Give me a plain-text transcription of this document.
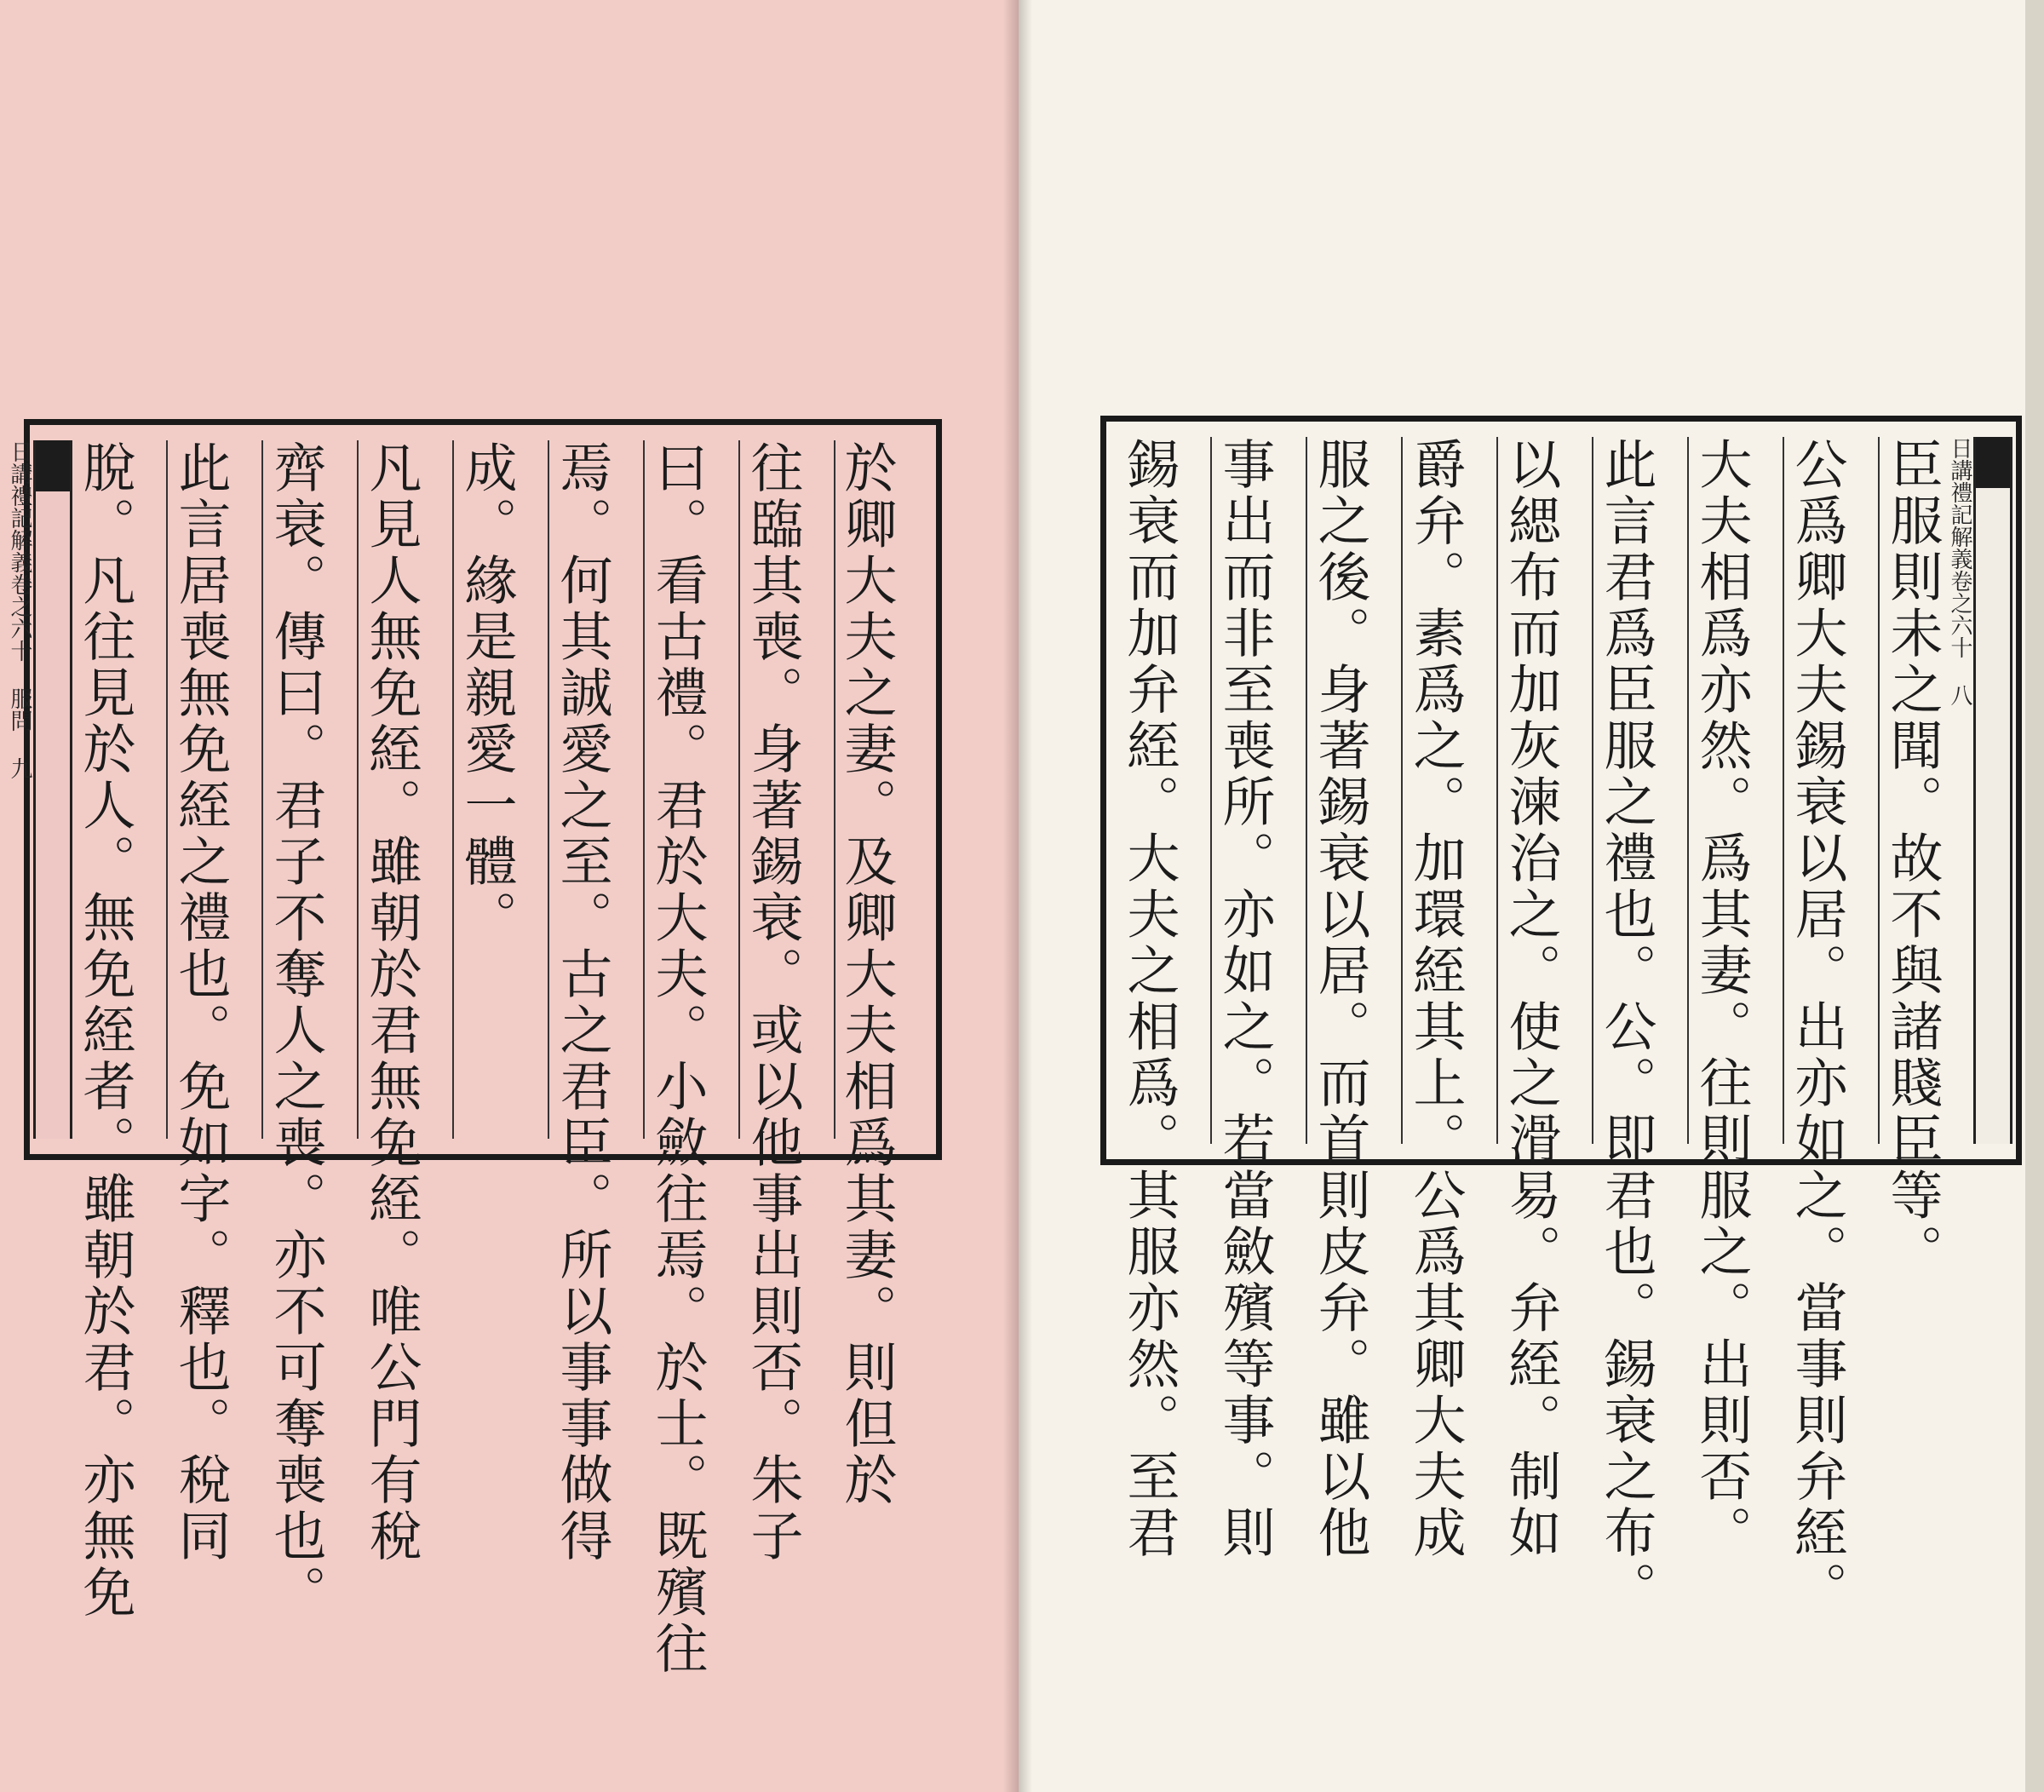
於卿大夫之妻。及卿大夫相爲其妻。則但於
往臨其喪。身著錫衰。或以他事出則否。朱子
曰。看古禮。君於大夫。小斂往焉。於士。既殯往
焉。何其誠愛之至。古之君臣。所以事事做得
成。緣是親愛一體。
凡見人無免絰。雖朝於君無免絰。唯公門有稅
齊衰。傳曰。君子不奪人之喪。亦不可奪喪也。
此言居喪無免絰之禮也。免如字。釋也。稅同
脫。凡往見於人。無免絰者。雖朝於君。亦無免
日講禮記解義卷之六十 服問 九
日講禮記解義卷之六十 八
臣服則未之聞。故不與諸賤臣等。
公爲卿大夫錫衰以居。出亦如之。當事則弁絰。
大夫相爲亦然。爲其妻。往則服之。出則否。
此言君爲臣服之禮也。公。即君也。錫衰之布。
以緦布而加灰湅治之。使之滑易。弁絰。制如
爵弁。素爲之。加環絰其上。公爲其卿大夫成
服之後。身著錫衰以居。而首則皮弁。雖以他
事出而非至喪所。亦如之。若當斂殯等事。則
錫衰而加弁絰。大夫之相爲。其服亦然。至君
